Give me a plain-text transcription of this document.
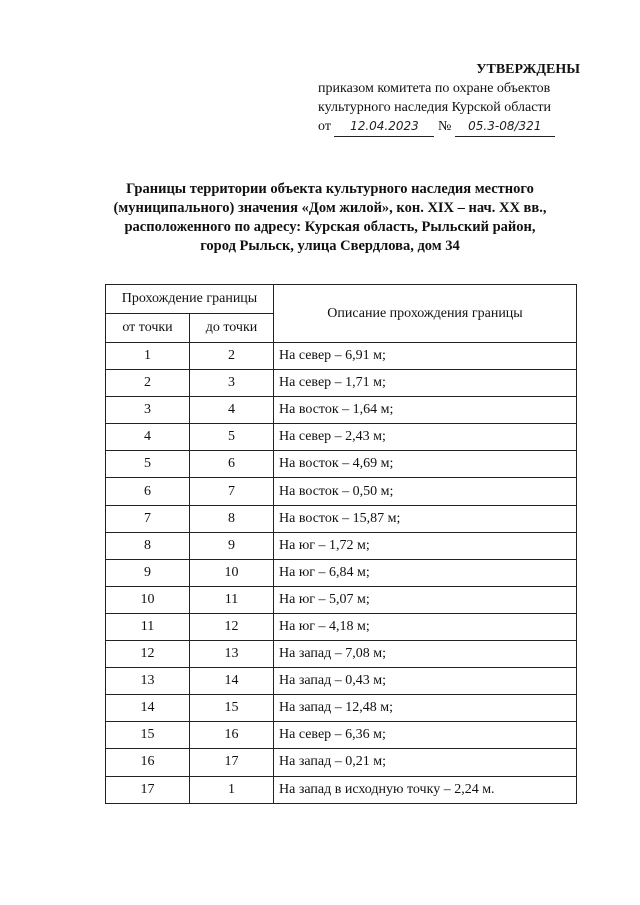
УТВЕРЖДЕНЫ
приказом комитета по охране объектов
культурного наследия Курской области
от 12.04.2023 № 05.3-08/321
Границы территории объекта культурного наследия местного
(муниципального) значения «Дом жилой», кон. XIX – нач. XX вв.,
расположенного по адресу: Курская область, Рыльский район,
город Рыльск, улица Свердлова, дом 34
Прохождение границы		Описание прохождения границы
от точки	до точки	
1	2	На север – 6,91 м;
2	3	На север – 1,71 м;
3	4	На восток – 1,64 м;
4	5	На север – 2,43 м;
5	6	На восток – 4,69 м;
6	7	На восток – 0,50 м;
7	8	На восток – 15,87 м;
8	9	На юг – 1,72 м;
9	10	На юг – 6,84 м;
10	11	На юг – 5,07 м;
11	12	На юг – 4,18 м;
12	13	На запад – 7,08 м;
13	14	На запад – 0,43 м;
14	15	На запад – 12,48 м;
15	16	На север – 6,36 м;
16	17	На запад – 0,21 м;
17	1	На запад в исходную точку – 2,24 м.
